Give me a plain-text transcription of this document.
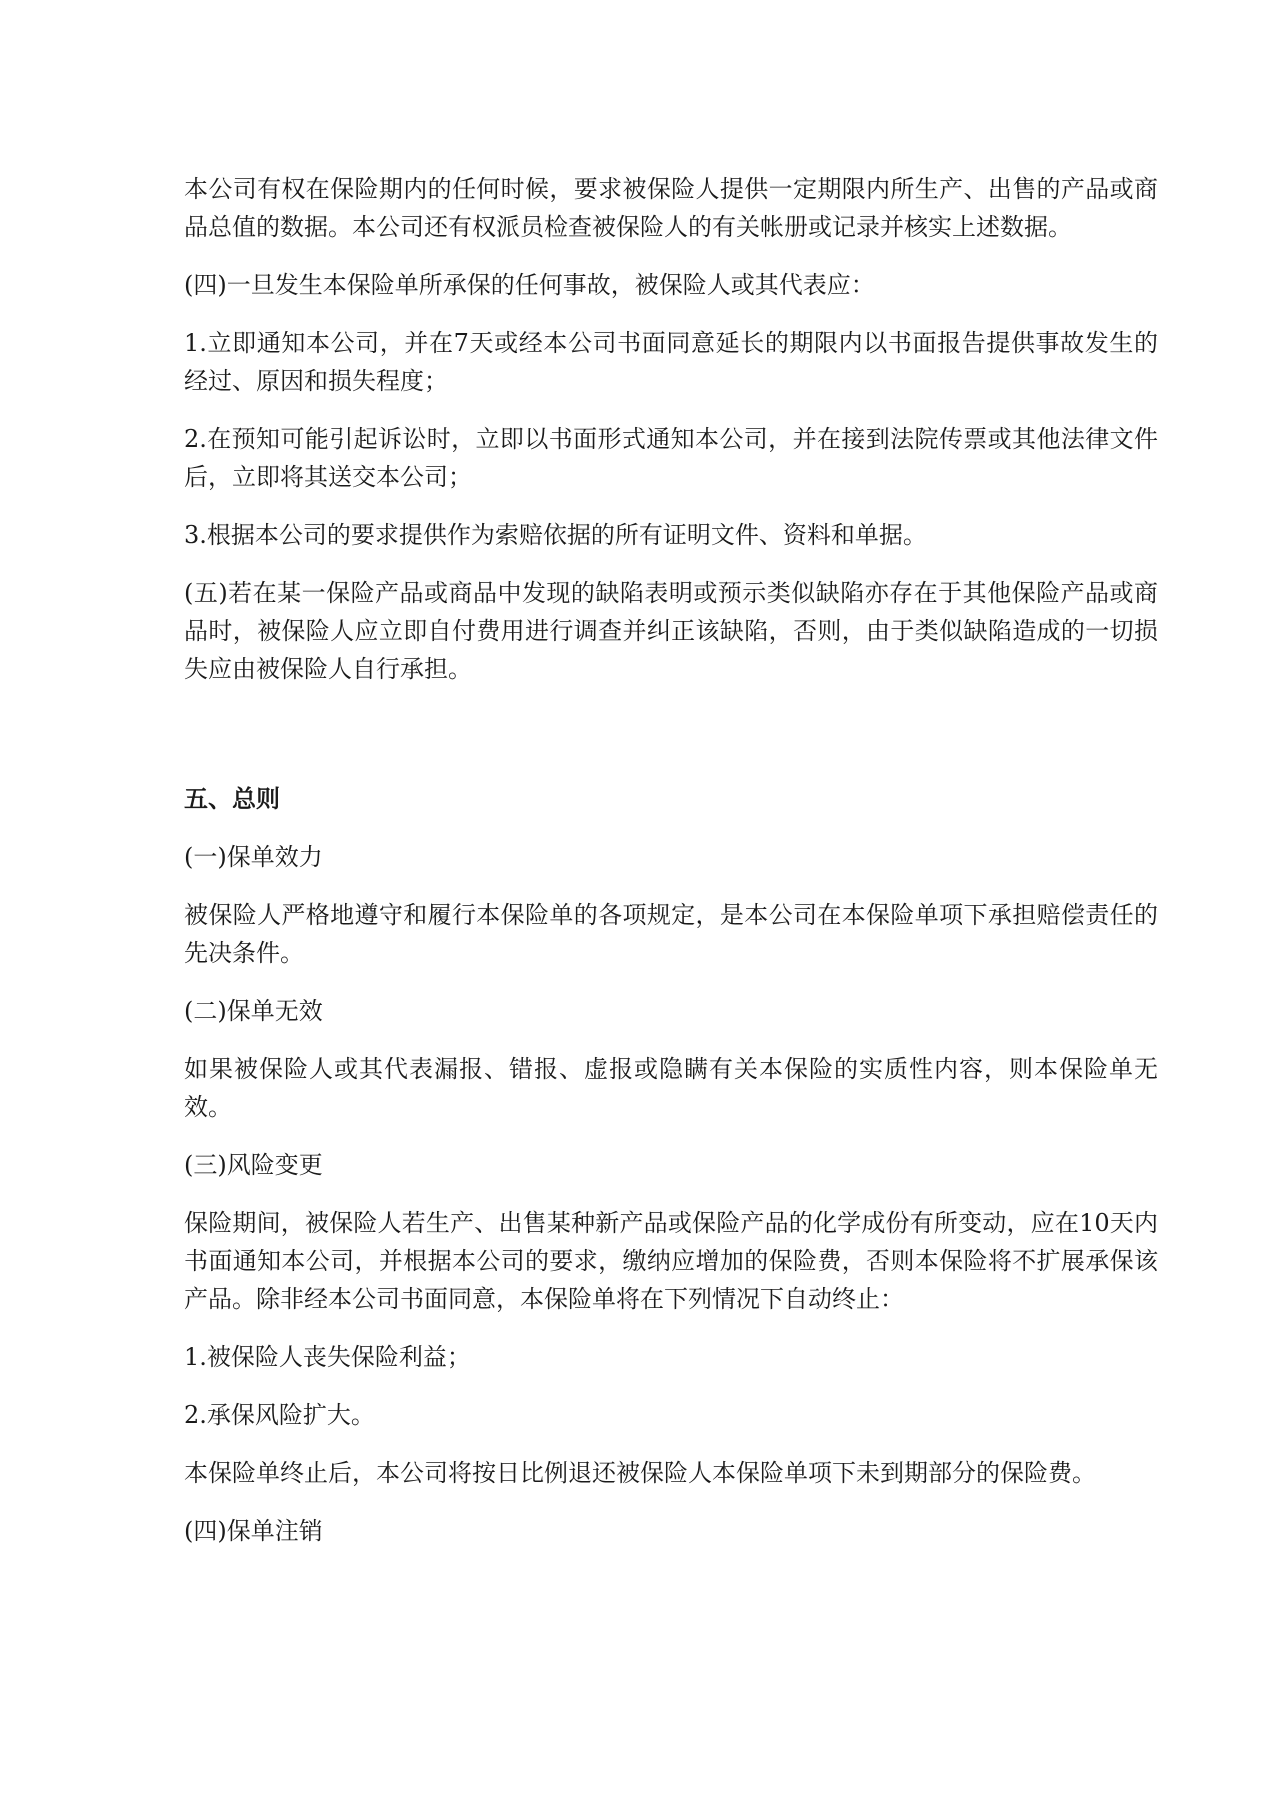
本公司有权在保险期内的任何时候，要求被保险人提供一定期限内所生产、出售的产品或商品总值的数据。本公司还有权派员检查被保险人的有关帐册或记录并核实上述数据。

(四)一旦发生本保险单所承保的任何事故，被保险人或其代表应：

1.立即通知本公司，并在7天或经本公司书面同意延长的期限内以书面报告提供事故发生的经过、原因和损失程度；

2.在预知可能引起诉讼时，立即以书面形式通知本公司，并在接到法院传票或其他法律文件后，立即将其送交本公司；

3.根据本公司的要求提供作为索赔依据的所有证明文件、资料和单据。

(五)若在某一保险产品或商品中发现的缺陷表明或预示类似缺陷亦存在于其他保险产品或商品时，被保险人应立即自付费用进行调查并纠正该缺陷，否则，由于类似缺陷造成的一切损失应由被保险人自行承担。

五、总则

(一)保单效力

被保险人严格地遵守和履行本保险单的各项规定，是本公司在本保险单项下承担赔偿责任的先决条件。

(二)保单无效

如果被保险人或其代表漏报、错报、虚报或隐瞒有关本保险的实质性内容，则本保险单无效。

(三)风险变更

保险期间，被保险人若生产、出售某种新产品或保险产品的化学成份有所变动，应在10天内书面通知本公司，并根据本公司的要求，缴纳应增加的保险费，否则本保险将不扩展承保该产品。除非经本公司书面同意，本保险单将在下列情况下自动终止：

1.被保险人丧失保险利益；

2.承保风险扩大。

本保险单终止后，本公司将按日比例退还被保险人本保险单项下未到期部分的保险费。

(四)保单注销
